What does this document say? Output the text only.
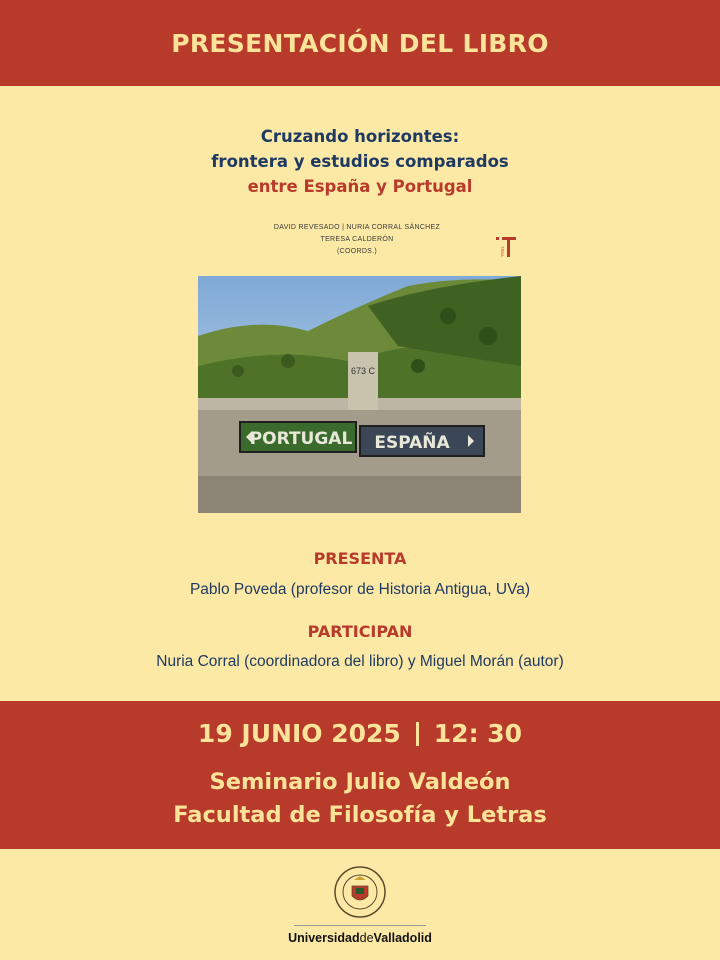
PRESENTACIÓN DEL LIBRO
Cruzando horizontes:
frontera y estudios comparados
entre España y Portugal
DAVID REVESADO | NURIA CORRAL SÁNCHEZ
TERESA CALDERÓN
(COORDS.)	TREA
673 C
PORTUGAL ESPAÑA
PRESENTA
Pablo Poveda (profesor de Historia Antigua, UVa)
PARTICIPAN
Nuria Corral (coordinadora del libro) y Miguel Morán (autor)
19 JUNIO 2025 12: 30
Seminario Julio Valdeón
Facultad de Filosofía y Letras
UniversidaddeValladolid
